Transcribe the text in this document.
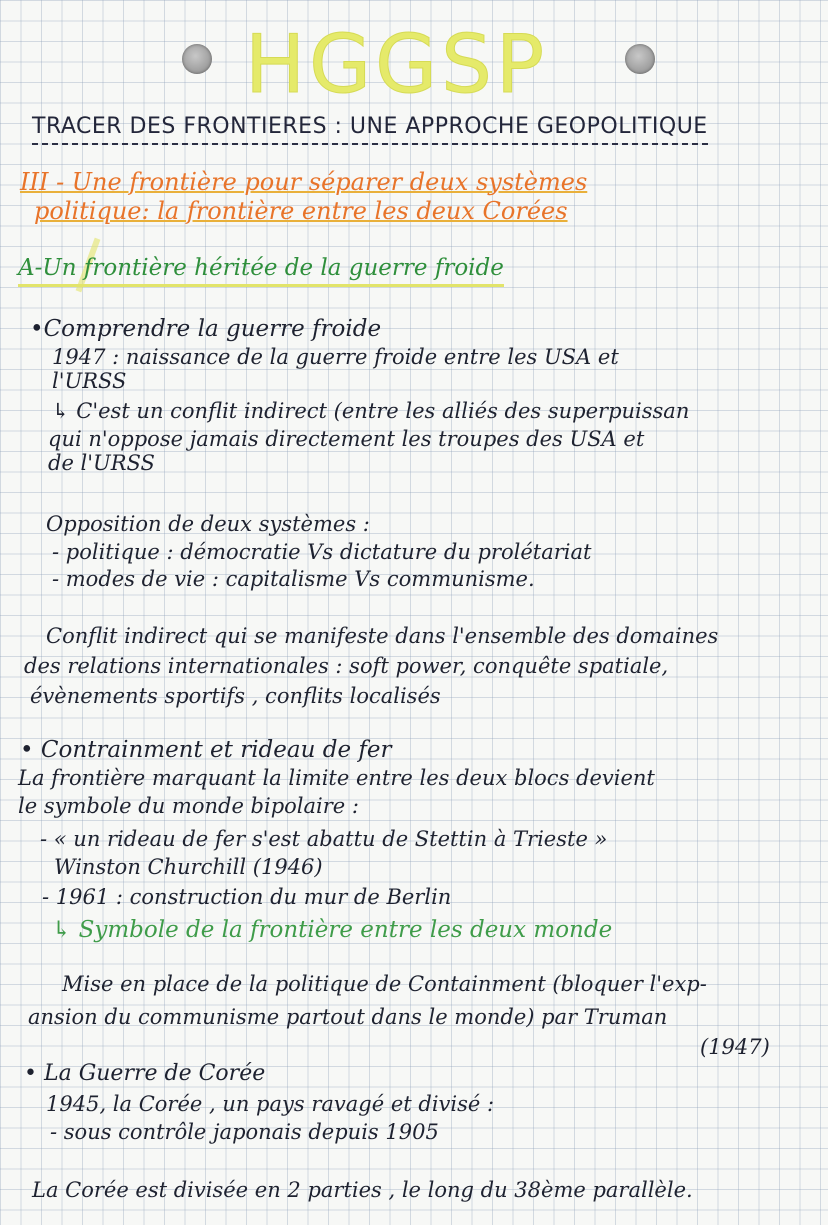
HGGSP
TRACER DES FRONTIERES : UNE APPROCHE GEOPOLITIQUE
III - Une frontière pour séparer deux systèmes
politique: la frontière entre les deux Corées
A-Un frontière héritée de la guerre froide
•Comprendre la guerre froide
1947 : naissance de la guerre froide entre les USA et
l'URSS
↳ C'est un conflit indirect (entre les alliés des superpuissan
qui n'oppose jamais directement les troupes des USA et
de l'URSS
Opposition de deux systèmes :
- politique : démocratie Vs dictature du prolétariat
- modes de vie : capitalisme Vs communisme.
Conflit indirect qui se manifeste dans l'ensemble des domaines
des relations internationales : soft power, conquête spatiale,
évènements sportifs , conflits localisés
• Contrainment et rideau de fer
La frontière marquant la limite entre les deux blocs devient
le symbole du monde bipolaire :
- « un rideau de fer s'est abattu de Stettin à Trieste »
Winston Churchill (1946)
- 1961 : construction du mur de Berlin
↳ Symbole de la frontière entre les deux monde
Mise en place de la politique de Containment (bloquer l'exp-
ansion du communisme partout dans le monde) par Truman
(1947)
• La Guerre de Corée
1945, la Corée , un pays ravagé et divisé :
- sous contrôle japonais depuis 1905
La Corée est divisée en 2 parties , le long du 38ème parallèle.
